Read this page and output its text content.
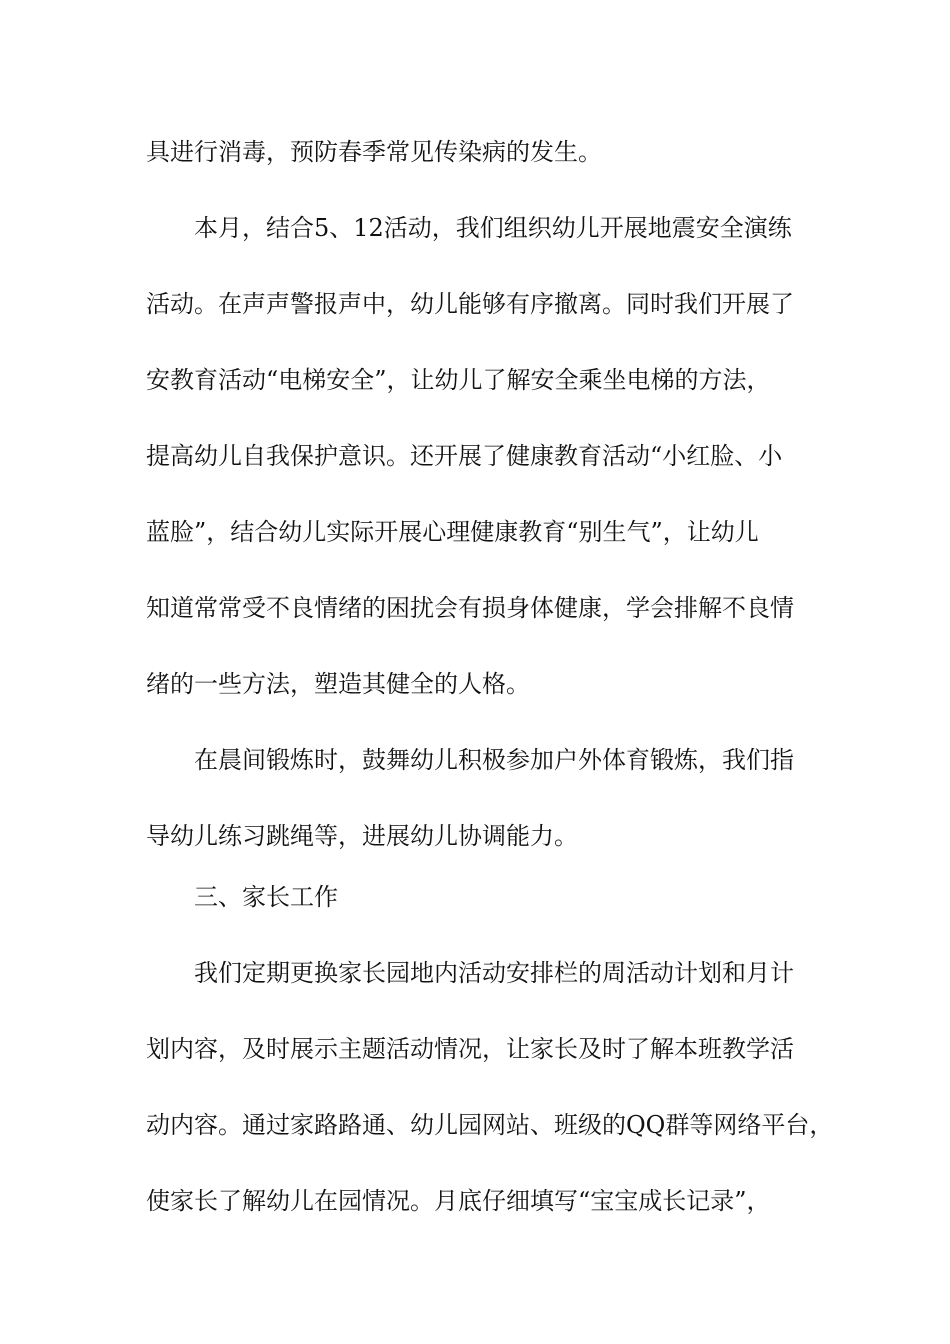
具进行消毒，预防春季常见传染病的发生。
本月，结合5、12活动，我们组织幼儿开展地震安全演练
活动。在声声警报声中，幼儿能够有序撤离。同时我们开展了
安教育活动“电梯安全”，让幼儿了解安全乘坐电梯的方法，
提高幼儿自我保护意识。还开展了健康教育活动“小红脸、小
蓝脸”，结合幼儿实际开展心理健康教育“别生气”，让幼儿
知道常常受不良情绪的困扰会有损身体健康，学会排解不良情
绪的一些方法，塑造其健全的人格。
在晨间锻炼时，鼓舞幼儿积极参加户外体育锻炼，我们指
导幼儿练习跳绳等，进展幼儿协调能力。
三、家长工作
我们定期更换家长园地内活动安排栏的周活动计划和月计
划内容，及时展示主题活动情况，让家长及时了解本班教学活
动内容。通过家路路通、幼儿园网站、班级的QQ群等网络平台，
使家长了解幼儿在园情况。月底仔细填写“宝宝成长记录”，
